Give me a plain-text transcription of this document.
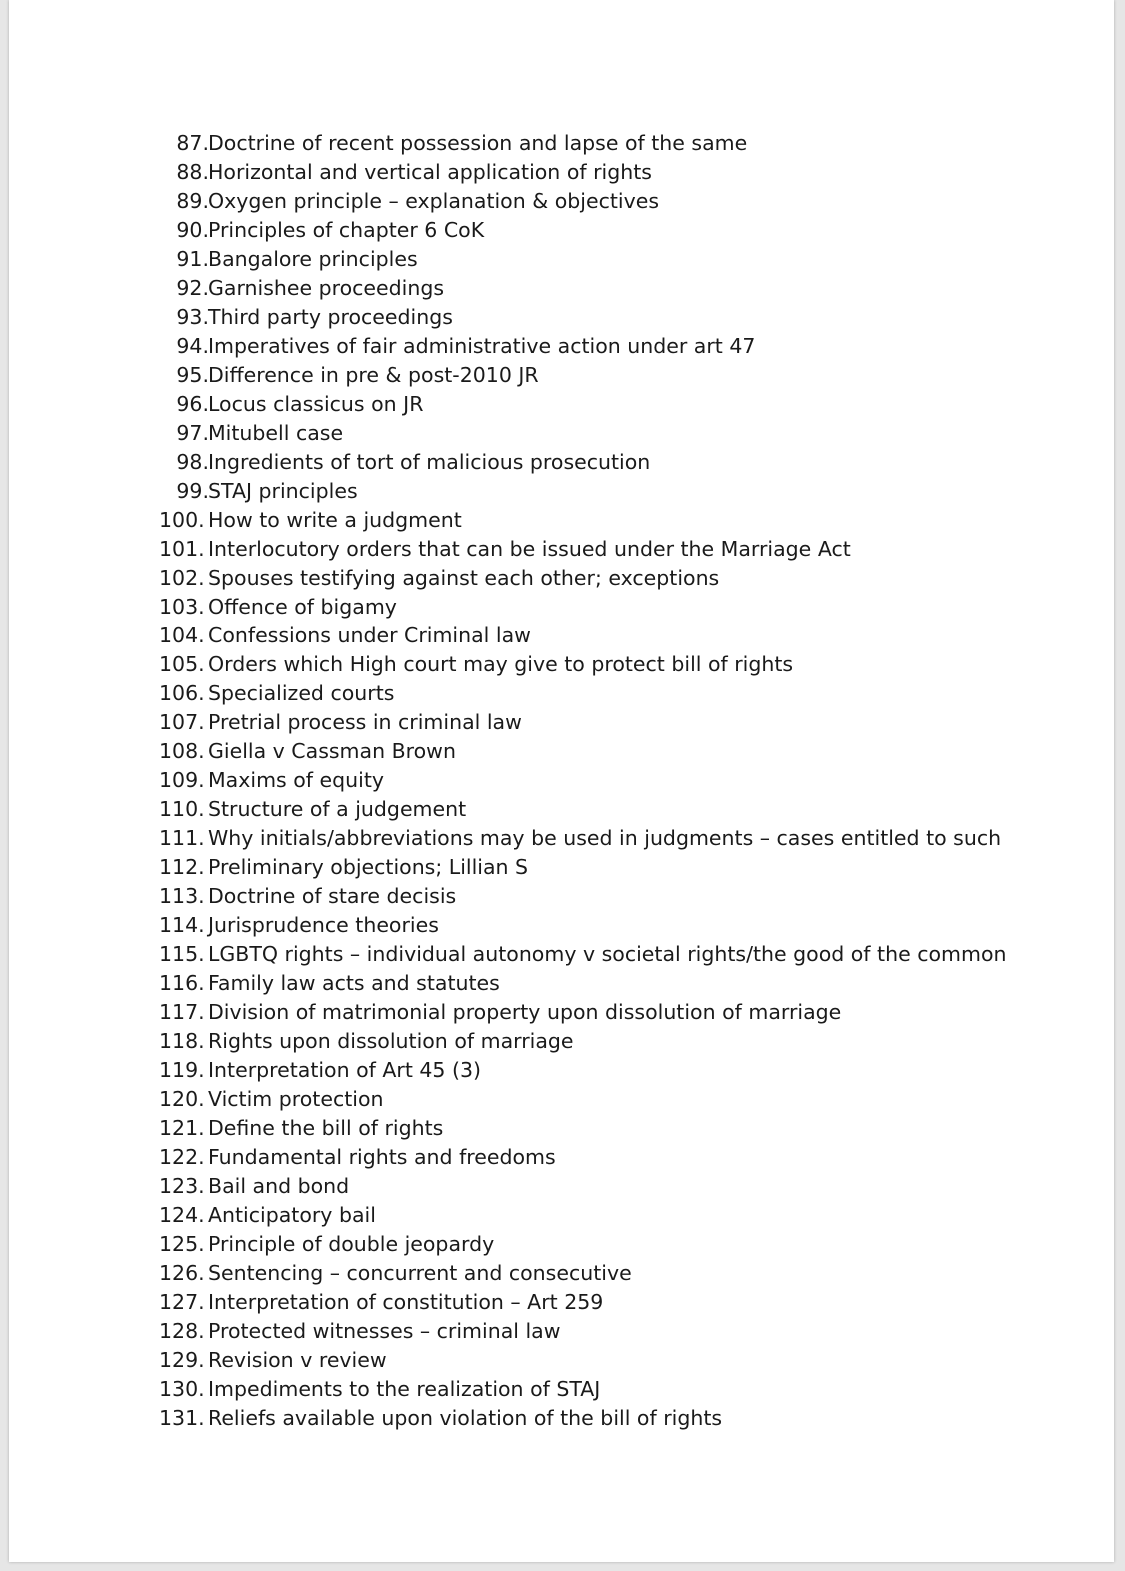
87. Doctrine of recent possession and lapse of the same
88. Horizontal and vertical application of rights
89. Oxygen principle – explanation & objectives
90. Principles of chapter 6 CoK
91. Bangalore principles
92. Garnishee proceedings
93. Third party proceedings
94. Imperatives of fair administrative action under art 47
95. Difference in pre & post-2010 JR
96. Locus classicus on JR
97. Mitubell case
98. Ingredients of tort of malicious prosecution
99. STAJ principles
100. How to write a judgment
101. Interlocutory orders that can be issued under the Marriage Act
102. Spouses testifying against each other; exceptions
103. Offence of bigamy
104. Confessions under Criminal law
105. Orders which High court may give to protect bill of rights
106. Specialized courts
107. Pretrial process in criminal law
108. Giella v Cassman Brown
109. Maxims of equity
110. Structure of a judgement
111. Why initials/abbreviations may be used in judgments – cases entitled to such
112. Preliminary objections; Lillian S
113. Doctrine of stare decisis
114. Jurisprudence theories
115. LGBTQ rights – individual autonomy v societal rights/the good of the common
116. Family law acts and statutes
117. Division of matrimonial property upon dissolution of marriage
118. Rights upon dissolution of marriage
119. Interpretation of Art 45 (3)
120. Victim protection
121. Define the bill of rights
122. Fundamental rights and freedoms
123. Bail and bond
124. Anticipatory bail
125. Principle of double jeopardy
126. Sentencing – concurrent and consecutive
127. Interpretation of constitution – Art 259
128. Protected witnesses – criminal law
129. Revision v review
130. Impediments to the realization of STAJ
131. Reliefs available upon violation of the bill of rights
